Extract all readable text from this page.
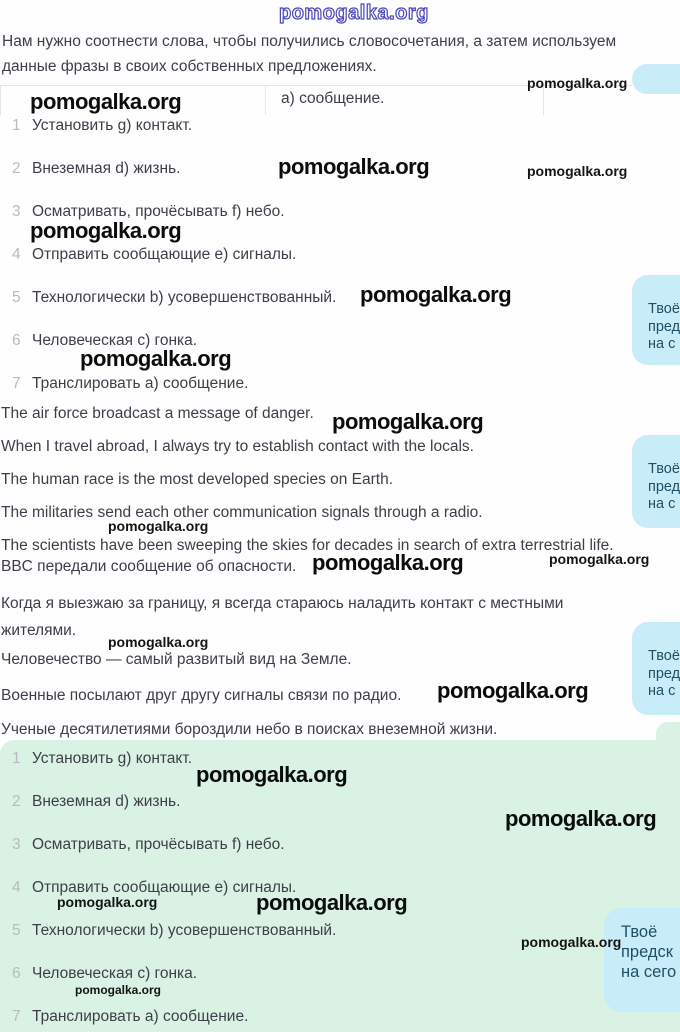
pomogalka.org

Нам нужно соотнести слова, чтобы получились словосочетания, а затем используем данные фразы в своих собственных предложениях.

а) сообщение.
1 Установить g) контакт.
2 Внеземная d) жизнь.
3 Осматривать, прочёсывать f) небо.
4 Отправить сообщающие е) сигналы.
5 Технологически b) усовершенствованный.
6 Человеческая c) гонка.
7 Транслировать а) сообщение.

The air force broadcast a message of danger.

When I travel abroad, I always try to establish contact with the locals.

The human race is the most developed species on Earth.

The militaries send each other communication signals through a radio.

The scientists have been sweeping the skies for decades in search of extra terrestrial life.

BBC передали сообщение об опасности.

Когда я выезжаю за границу, я всегда стараюсь наладить контакт с местными жителями.

Человечество — самый развитый вид на Земле.

Военные посылают друг другу сигналы связи по радио.

Ученые десятилетиями бороздили небо в поисках внеземной жизни.

1 Установить g) контакт.
2 Внеземная d) жизнь.
3 Осматривать, прочёсывать f) небо.
4 Отправить сообщающие е) сигналы.
5 Технологически b) усовершенствованный.
6 Человеческая c) гонка.
7 Транслировать а) сообщение.
Твоё
пред
на с
Твоё
пред
на с
Твоё
пред
на с
Твоё
предск
на сего
pomogalka.org
pomogalka.org
pomogalka.org
pomogalka.org
pomogalka.org
pomogalka.org
pomogalka.org
pomogalka.org
pomogalka.org
pomogalka.org
pomogalka.org
pomogalka.org
pomogalka.org
pomogalka.org
pomogalka.org
pomogalka.org
pomogalka.org
pomogalka.org
pomogalka.org
